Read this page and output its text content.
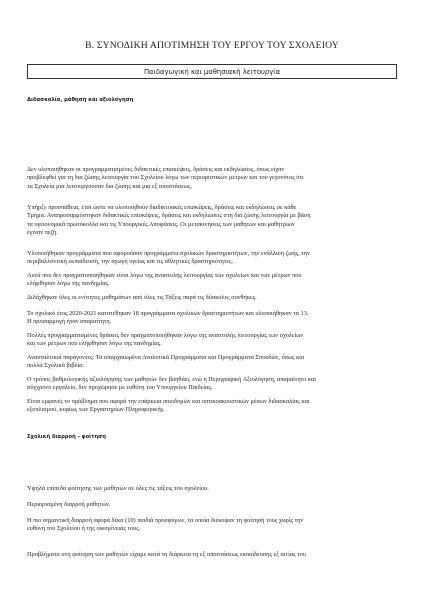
Β. ΣΥΝΟΔΙΚΗ ΑΠΟΤΙΜΗΣΗ ΤΟΥ ΕΡΓΟΥ ΤΟΥ ΣΧΟΛΕΙΟΥ
Παιδαγωγική και μαθησιακή λειτουργία
Διδασκαλία, μάθηση και αξιολόγηση
Δεν υλοποιήθηκαν οι προγραμματισμένες διδακτικές επισκέψεις, δράσεις και εκδηλώσεις, όπως είχαν
προβλεφθεί για τη δια ζώσης λειτουργία του Σχολείου λόγω των περιοριστικών μέτρων και του γεγονότος ότι
τα Σχολεία μια λειτουργούσαν δια ζώσης και μια εξ αποστάσεως.
Υπήρξε προσπάθεια, έτσι ώστε να υλοποιηθούν διαδικτυακές επισκέψεις, δράσεις και εκδηλώσεις σε κάθε
Τμήμα. Αναπροσαρμόστηκαν διδακτικές επισκέψεις, δράσεις και εκδηλώσεις στη δια ζώσης λειτουργία με βάση
τα υγειονομικά πρωτόκολλα και τις Υπουργικές Αποφάσεις. Οι μετακινήσεις των μαθητών και μαθητριών
έγιναν πεζή.
Υλοποιήθηκαν προγράμματα που αφορούσαν προγράμματα σχολικών δραστηριοτήτων, την ενάλλιση ζωής, την
περιβαλλοντική εκπαίδευση, την αγωγή υγείας και τις αθλητικές δραστηριότητες.
Αυτά που δεν πραγματοποιήθηκαν είναι λόγω της αναστολής λειτουργίας των σχολείων και των μέτρων που
ελήφθησαν λόγω της πανδημίας.
Διδάχθηκαν όλες οι ενότητες μαθημάτων από όλες τις Τάξεις παρά τις δύσκολες συνθήκες.
Το σχολικό έτος 2020-2021 κατατέθηκαν 18 προγράμματα σχολικών δραστηριοτήτων και υλοποιήθηκαν τα 13.
Η προσαρμογή ήταν απαραίτητη.
Πολλές προγραμματισμένες δράσεις δεν πραγματοποιήθηκαν λόγω της αναστολής λειτουργίας των σχολείων
και των μέτρων που ελήφθησαν λόγω της πανδημίας.
Ανασταλτικοί παράγοντες: Τα απαρχαιωμένα Αναλυτικά Προγράμματα και Προγράμματα Σπουδών, όπως και
πολλά Σχολικά βιβλία.
Ο τρόπος βαθμολογικής αξιολόγησης των μαθητών δεν βοηθάει, ενώ η Περιγραφική Αξιολόγηση, απαραίτητο και
σύγχρονο εργαλείο, δεν προχώρησε με ευθύνη του Υπουργείου Παιδείας.
Είναι εμφανές το πρόβλημα που αφορά την επάρκεια ποιοδομών και οπτικοακουστικών μέσων διδασκαλίας και
εξοπλισμού, κυρίως των Εργαστηρίων Πληροφορικής.
Σχολική διαρροή - φοίτηση
Υψηλά επίπεδα φοίτησης των μαθητών σε όλες τις τάξεις του σχολείου.
Περιορισμένη διαρροή μαθητών.
Η πιο σημαντική διαρροή αφορά δέκα (10) παιδιά προσφύγων, τα οποία διέκοψαν τη φοίτησή τους χωρίς την
ευθύνη του Σχολείου ή της οικογένειάς τους.
Προβλήματα στη φοίτηση των μαθητών είχαμε κατά τη διάρκεια τη εξ αποστάσεως εκπαίδευσης εξ αιτίας του
